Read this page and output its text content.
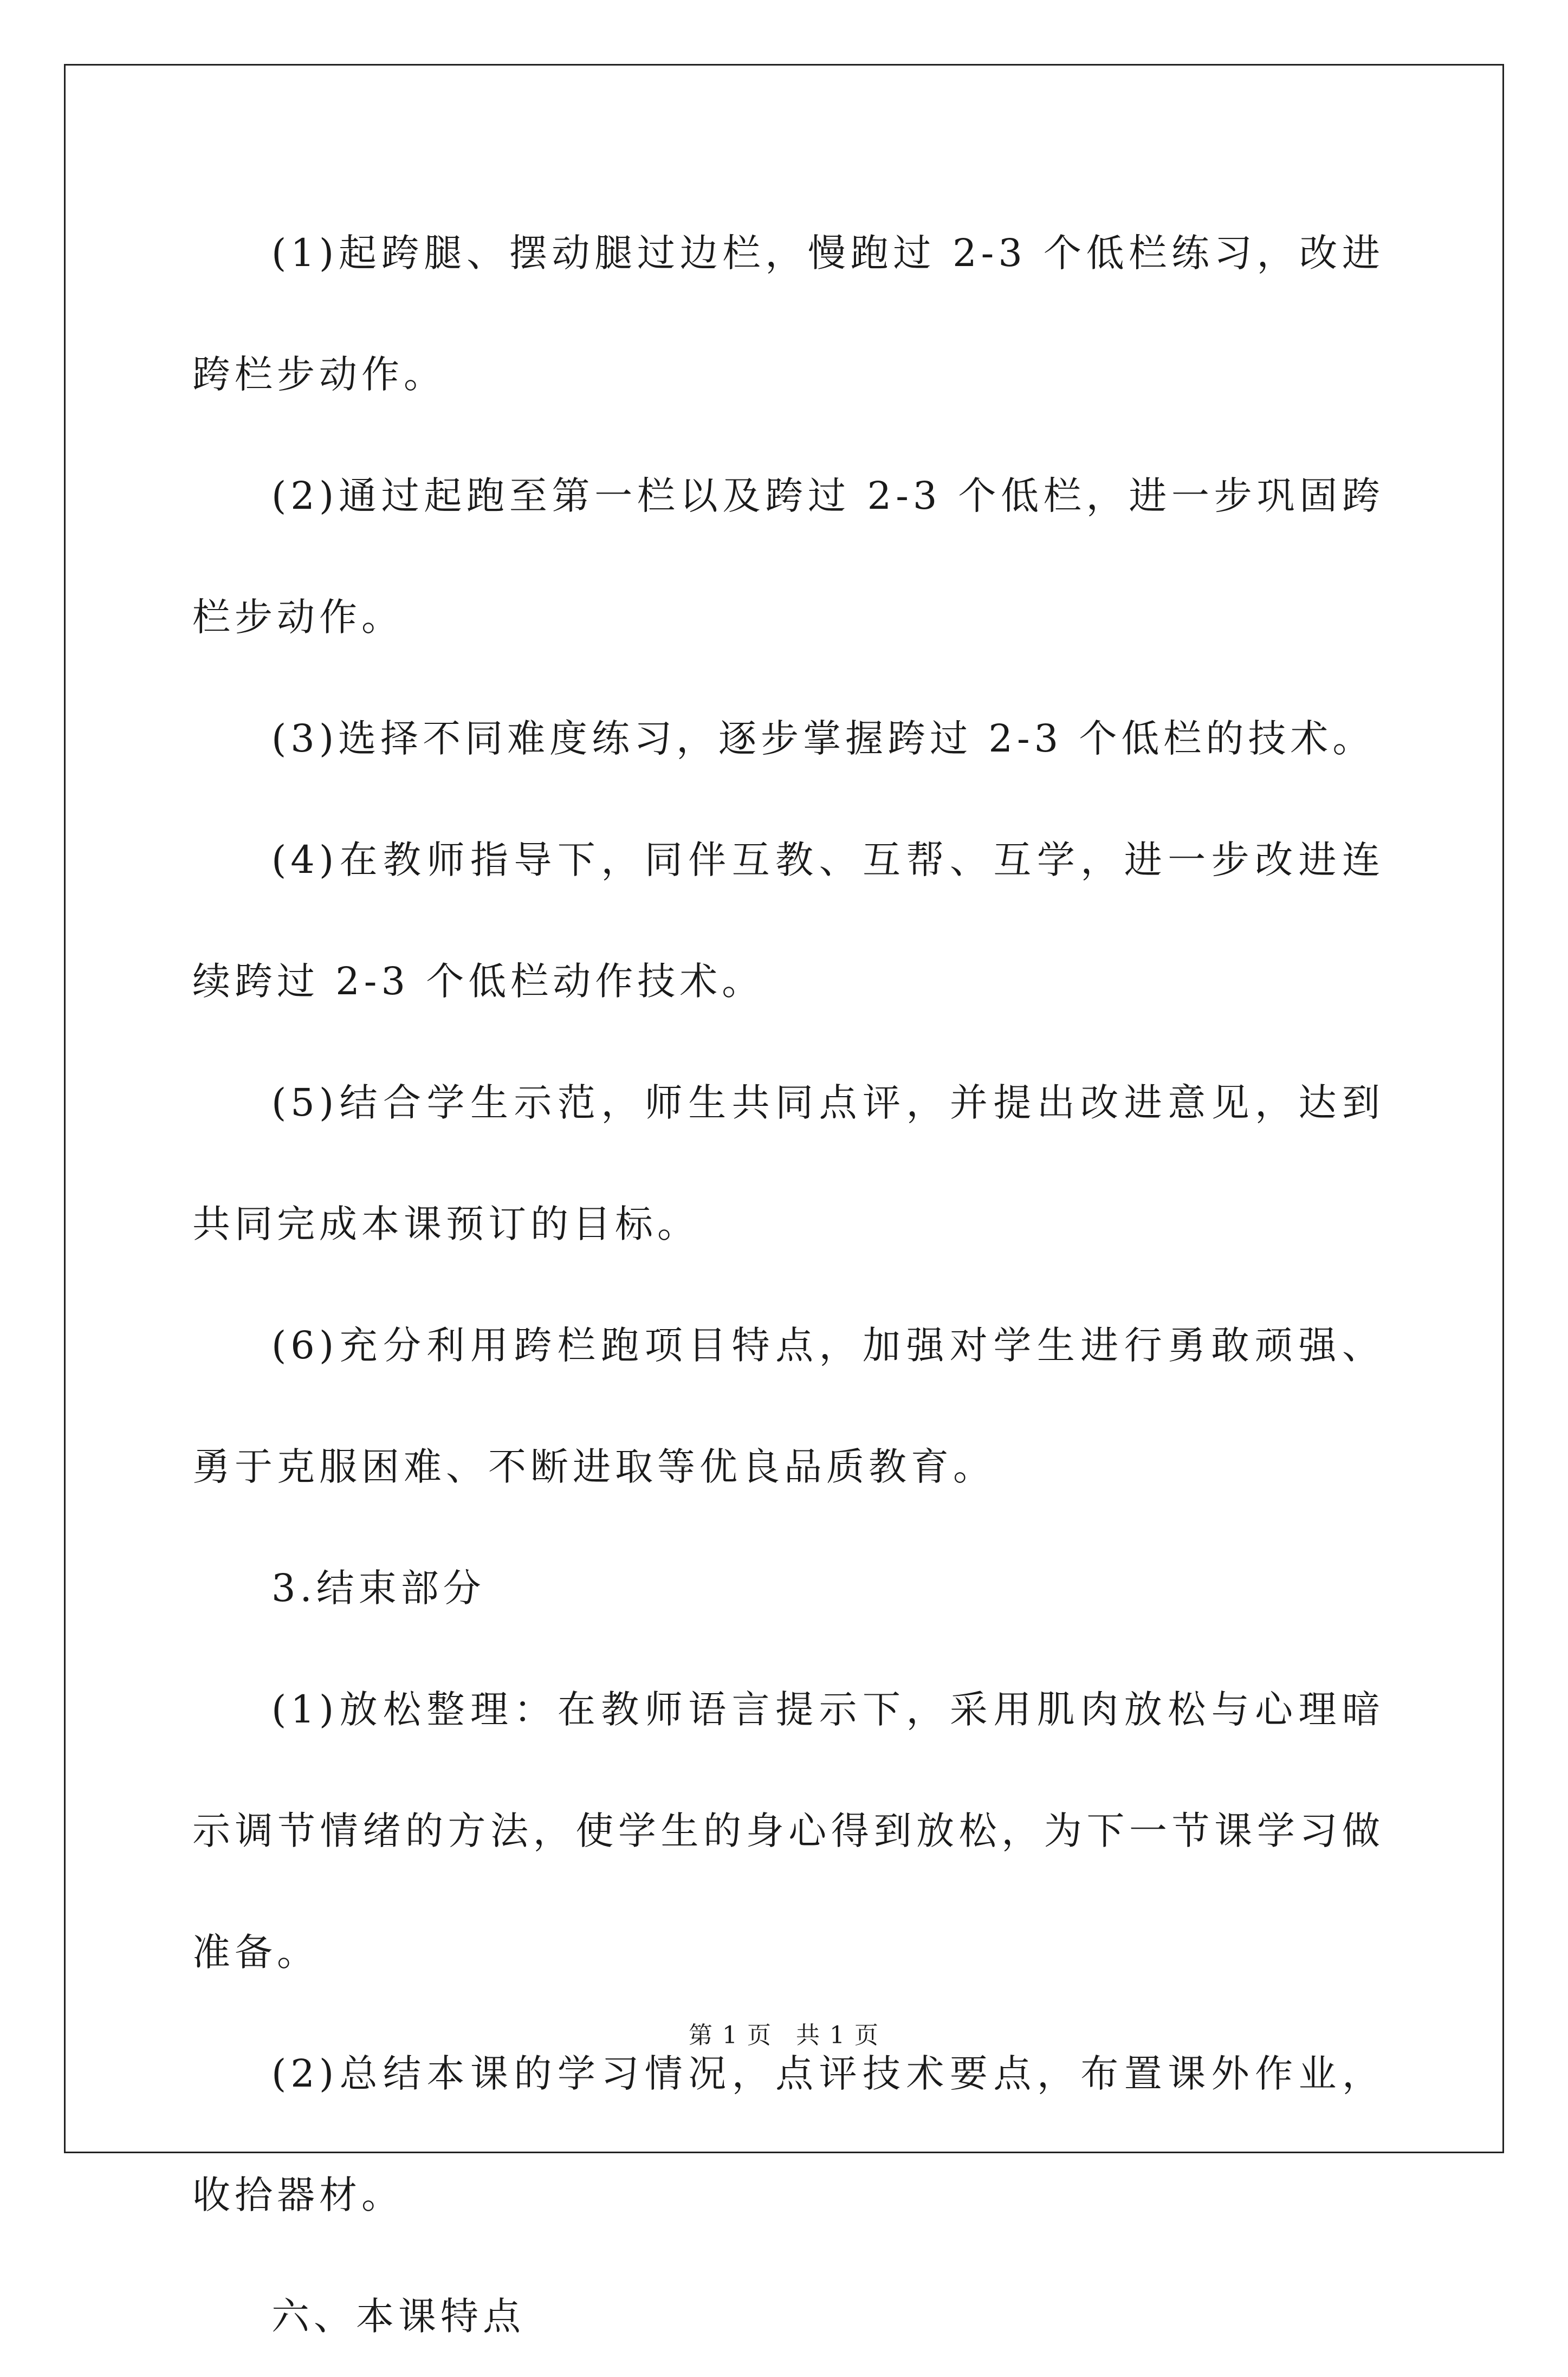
(1)起跨腿、摆动腿过边栏，慢跑过 2-3 个低栏练习，改进跨栏步动作。

(2)通过起跑至第一栏以及跨过 2-3 个低栏，进一步巩固跨栏步动作。

(3)选择不同难度练习，逐步掌握跨过 2-3 个低栏的技术。

(4)在教师指导下，同伴互教、互帮、互学，进一步改进连续跨过 2-3 个低栏动作技术。

(5)结合学生示范，师生共同点评，并提出改进意见，达到共同完成本课预订的目标。

(6)充分利用跨栏跑项目特点，加强对学生进行勇敢顽强、勇于克服困难、不断进取等优良品质教育。

3.结束部分

(1)放松整理：在教师语言提示下，采用肌肉放松与心理暗示调节情绪的方法，使学生的身心得到放松，为下一节课学习做准备。

(2)总结本课的学习情况，点评技术要点，布置课外作业，收拾器材。

六、本课特点

第 1 页 共 1 页
